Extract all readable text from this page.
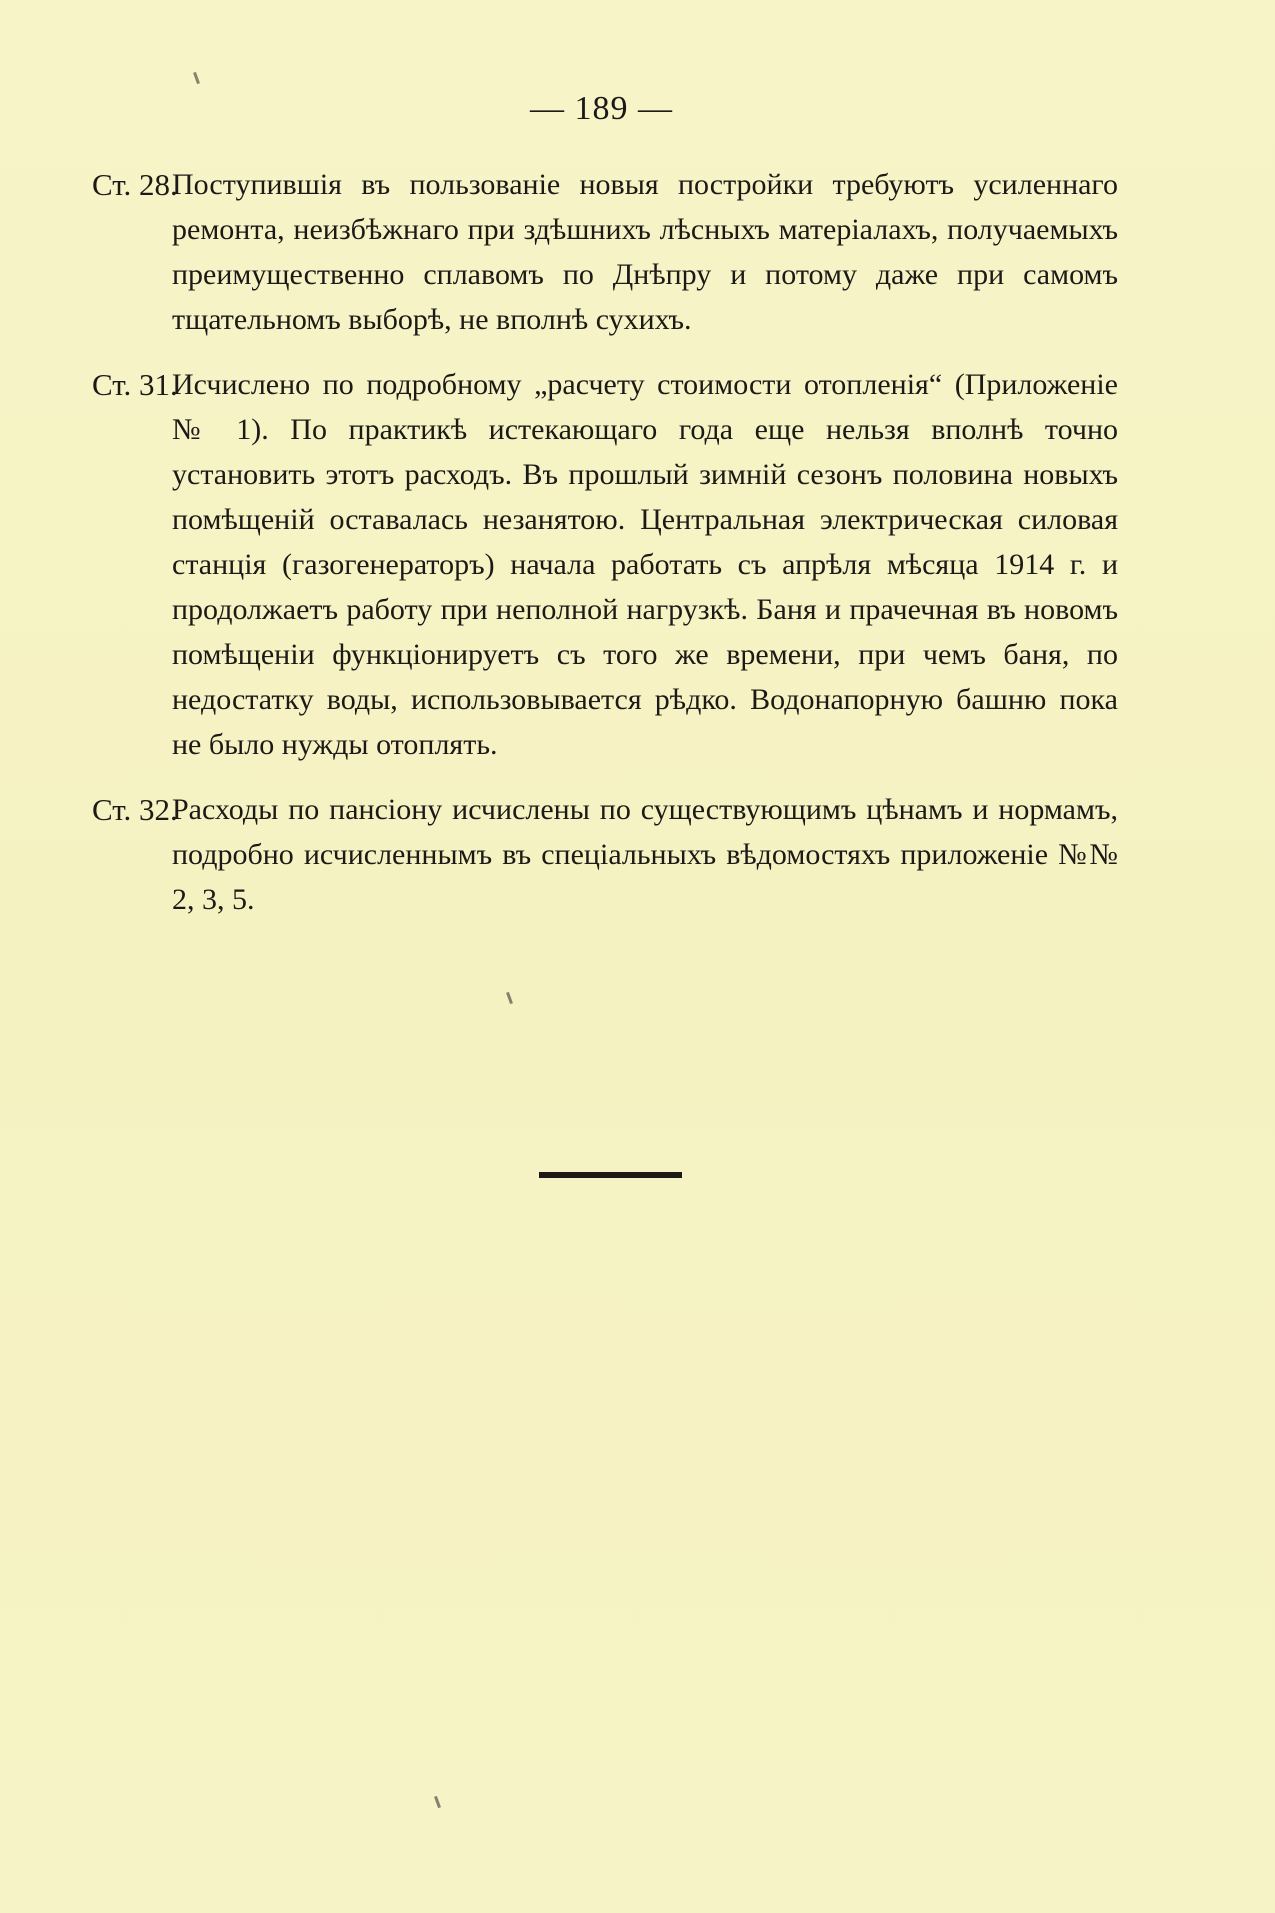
— 189 —
Ст. 28.
Поступившія въ пользованіе новыя постройки требуютъ усиленнаго ремонта, неизбѣжнаго при здѣшнихъ лѣсныхъ матеріалахъ, получаемыхъ преимущественно сплавомъ по Днѣпру и потому даже при самомъ тщательномъ выборѣ, не вполнѣ сухихъ.
Ст. 31.
Исчислено по подробному „расчету стоимости отопленія“ (Приложеніе № 1). По практикѣ истекающаго года еще нельзя вполнѣ точно установить этотъ расходъ. Въ прошлый зимній сезонъ половина новыхъ помѣщеній оставалась незанятою. Центральная электрическая силовая станція (газогенераторъ) начала работать съ апрѣля мѣсяца 1914 г. и продолжаетъ работу при неполной нагрузкѣ. Баня и прачечная въ новомъ помѣщеніи функціонируетъ съ того же времени, при чемъ баня, по недостатку воды, использовывается рѣдко. Водонапорную башню пока не было нужды отоплять.
Ст. 32.
Расходы по пансіону исчислены по существующимъ цѣнамъ и нормамъ, подробно исчисленнымъ въ спеціальныхъ вѣдомостяхъ приложеніе №№ 2, 3, 5.
